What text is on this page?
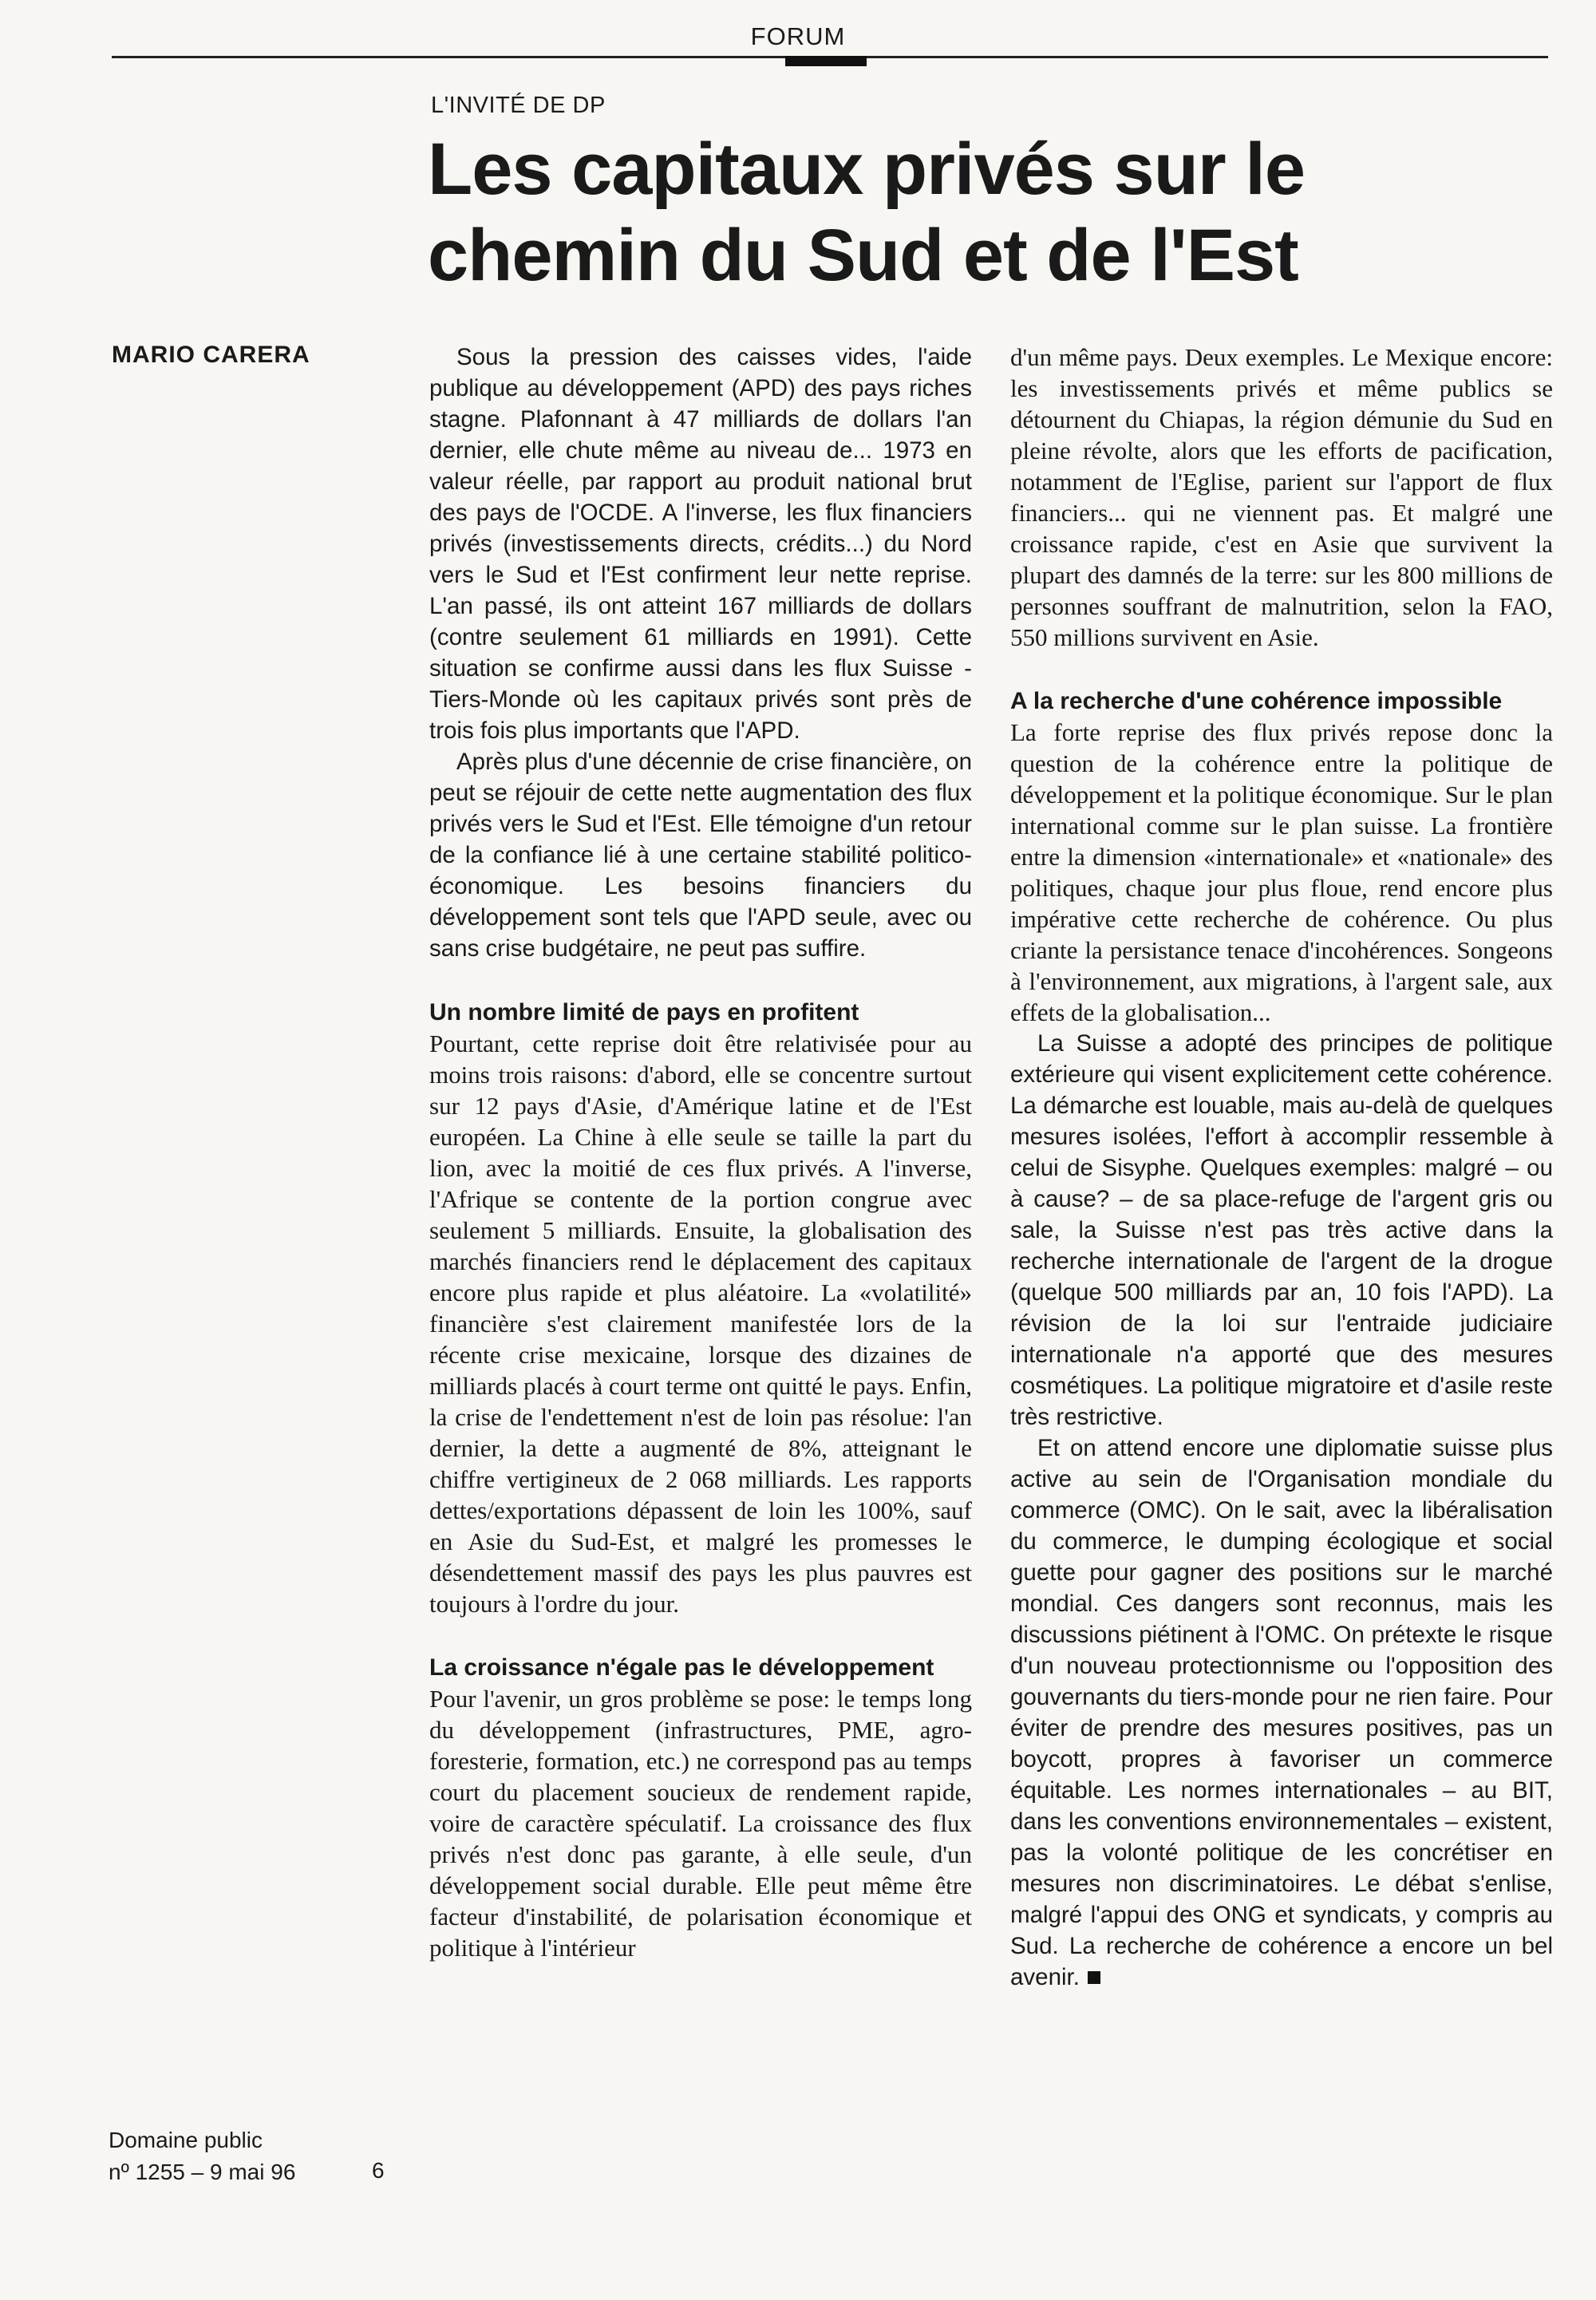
FORUM
L'INVITÉ DE DP
Les capitaux privés sur le chemin du Sud et de l'Est
MARIO CARERA	Sous la pression des caisses vides, l'aide publique au développement (APD) des pays riches stagne. Plafonnant à 47 milliards de dollars l'an dernier, elle chute même au niveau de... 1973 en valeur réelle, par rapport au produit national brut des pays de l'OCDE. A l'inverse, les flux financiers privés (investissements directs, crédits...) du Nord vers le Sud et l'Est confirment leur nette reprise. L'an passé, ils ont atteint 167 milliards de dollars (contre seulement 61 milliards en 1991). Cette situation se confirme aussi dans les flux Suisse - Tiers-Monde où les capitaux privés sont près de trois fois plus importants que l'APD.

Après plus d'une décennie de crise financière, on peut se réjouir de cette nette augmentation des flux privés vers le Sud et l'Est. Elle témoigne d'un retour de la confiance lié à une certaine stabilité politico-économique. Les besoins financiers du développement sont tels que l'APD seule, avec ou sans crise budgétaire, ne peut pas suffire.

Un nombre limité de pays en profitent

Pourtant, cette reprise doit être relativisée pour au moins trois raisons: d'abord, elle se concentre surtout sur 12 pays d'Asie, d'Amérique latine et de l'Est européen. La Chine à elle seule se taille la part du lion, avec la moitié de ces flux privés. A l'inverse, l'Afrique se contente de la portion congrue avec seulement 5 milliards. Ensuite, la globalisation des marchés financiers rend le déplacement des capitaux encore plus rapide et plus aléatoire. La «volatilité» financière s'est clairement manifestée lors de la récente crise mexicaine, lorsque des dizaines de milliards placés à court terme ont quitté le pays. Enfin, la crise de l'endettement n'est de loin pas résolue: l'an dernier, la dette a augmenté de 8%, atteignant le chiffre vertigineux de 2 068 milliards. Les rapports dettes/exportations dépassent de loin les 100%, sauf en Asie du Sud-Est, et malgré les promesses le désendettement massif des pays les plus pauvres est toujours à l'ordre du jour.

La croissance n'égale pas le développement

Pour l'avenir, un gros problème se pose: le temps long du développement (infrastructures, PME, agro-foresterie, formation, etc.) ne correspond pas au temps court du placement soucieux de rendement rapide, voire de caractère spéculatif. La croissance des flux privés n'est donc pas garante, à elle seule, d'un développement social durable. Elle peut même être facteur d'instabilité, de polarisation économique et politique à l'intérieur

d'un même pays. Deux exemples. Le Mexique encore: les investissements privés et même publics se détournent du Chiapas, la région démunie du Sud en pleine révolte, alors que les efforts de pacification, notamment de l'Eglise, parient sur l'apport de flux financiers... qui ne viennent pas. Et malgré une croissance rapide, c'est en Asie que survivent la plupart des damnés de la terre: sur les 800 millions de personnes souffrant de malnutrition, selon la FAO, 550 millions survivent en Asie.

A la recherche d'une cohérence impossible

La forte reprise des flux privés repose donc la question de la cohérence entre la politique de développement et la politique économique. Sur le plan international comme sur le plan suisse. La frontière entre la dimension «internationale» et «nationale» des politiques, chaque jour plus floue, rend encore plus impérative cette recherche de cohérence. Ou plus criante la persistance tenace d'incohérences. Songeons à l'environnement, aux migrations, à l'argent sale, aux effets de la globalisation...

La Suisse a adopté des principes de politique extérieure qui visent explicitement cette cohérence. La démarche est louable, mais au-delà de quelques mesures isolées, l'effort à accomplir ressemble à celui de Sisyphe. Quelques exemples: malgré – ou à cause? – de sa place-refuge de l'argent gris ou sale, la Suisse n'est pas très active dans la recherche internationale de l'argent de la drogue (quelque 500 milliards par an, 10 fois l'APD). La révision de la loi sur l'entraide judiciaire internationale n'a apporté que des mesures cosmétiques. La politique migratoire et d'asile reste très restrictive.

Et on attend encore une diplomatie suisse plus active au sein de l'Organisation mondiale du commerce (OMC). On le sait, avec la libéralisation du commerce, le dumping écologique et social guette pour gagner des positions sur le marché mondial. Ces dangers sont reconnus, mais les discussions piétinent à l'OMC. On prétexte le risque d'un nouveau protectionnisme ou l'opposition des gouvernants du tiers-monde pour ne rien faire. Pour éviter de prendre des mesures positives, pas un boycott, propres à favoriser un commerce équitable. Les normes internationales – au BIT, dans les conventions environnementales – existent, pas la volonté politique de les concrétiser en mesures non discriminatoires. Le débat s'enlise, malgré l'appui des ONG et syndicats, y compris au Sud. La recherche de cohérence a encore un bel avenir.

Domaine public
nº 1255 – 9 mai 96	6
